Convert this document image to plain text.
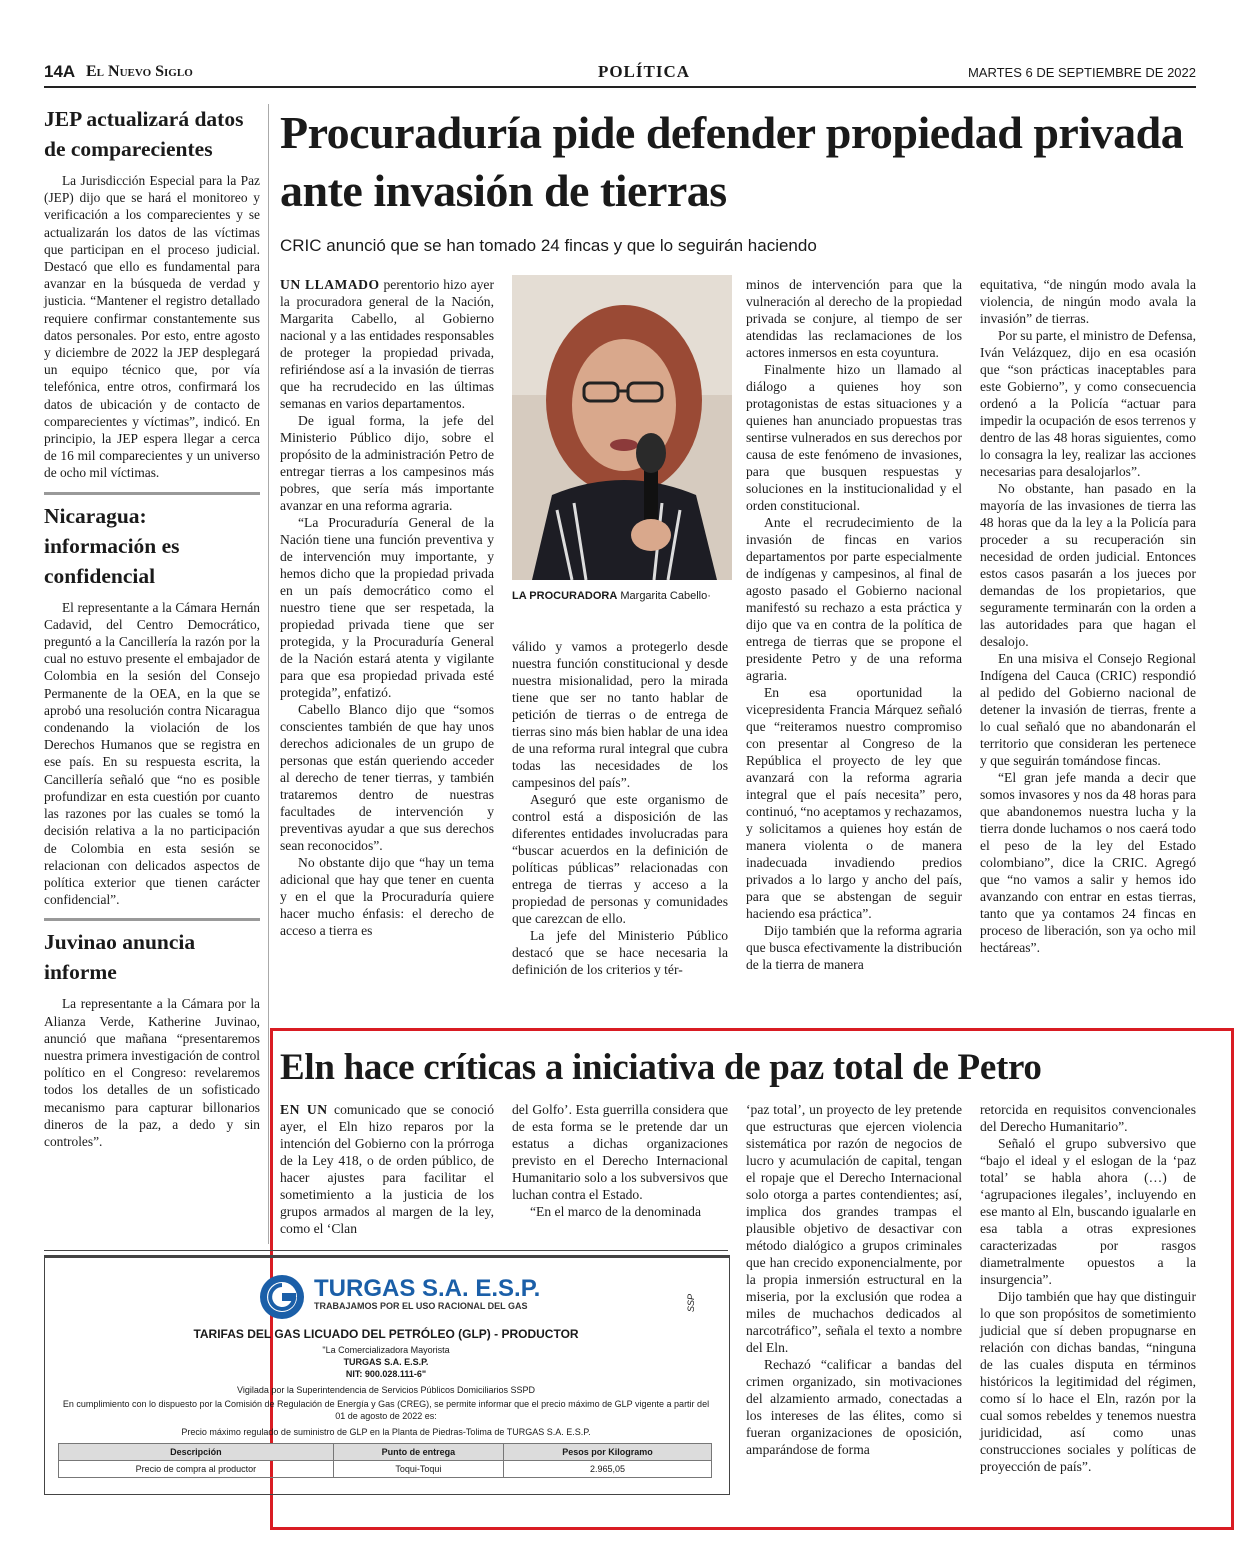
14A El Nuevo Siglo	POLÍTICA	MARTES 6 DE SEPTIEMBRE DE 2022
JEP actualizará datos de comparecientes

La Jurisdicción Especial para la Paz (JEP) dijo que se hará el monitoreo y verificación a los comparecientes y se actualizarán los datos de las víctimas que participan en el proceso judicial. Destacó que ello es fundamental para avanzar en la búsqueda de verdad y justicia. “Mantener el registro detallado requiere confirmar constantemente sus datos personales. Por esto, entre agosto y diciembre de 2022 la JEP desplegará un equipo técnico que, por vía telefónica, entre otros, confirmará los datos de ubicación y de contacto de comparecientes y víctimas”, indicó. En principio, la JEP espera llegar a cerca de 16 mil comparecientes y un universo de ocho mil víctimas.

Nicaragua: información es confidencial

El representante a la Cámara Hernán Cadavid, del Centro Democrático, preguntó a la Cancillería la razón por la cual no estuvo presente el embajador de Colombia en la sesión del Consejo Permanente de la OEA, en la que se aprobó una resolución contra Nicaragua condenando la violación de los Derechos Humanos que se registra en ese país. En su respuesta escrita, la Cancillería señaló que “no es posible profundizar en esta cuestión por cuanto las razones por las cuales se tomó la decisión relativa a la no participación de Colombia en esta sesión se relacionan con delicados aspectos de política exterior que tienen carácter confidencial”.

Juvinao anuncia informe

La representante a la Cámara por la Alianza Verde, Katherine Juvinao, anunció que mañana “presentaremos nuestra primera investigación de control político en el Congreso: revelaremos todos los detalles de un sofisticado mecanismo para capturar billonarios dineros de la paz, a dedo y sin controles”.

Procuraduría pide defender propiedad privada ante invasión de tierras
CRIC anunció que se han tomado 24 fincas y que lo seguirán haciendo

UN LLAMADO perentorio hizo ayer la procuradora general de la Nación, Margarita Cabello, al Gobierno nacional y a las entidades responsables de proteger la propiedad privada, refiriéndose así a la invasión de tierras que ha recrudecido en las últimas semanas en varios departamentos.

De igual forma, la jefe del Ministerio Público dijo, sobre el propósito de la administración Petro de entregar tierras a los campesinos más pobres, que sería más importante avanzar en una reforma agraria.

“La Procuraduría General de la Nación tiene una función preventiva y de intervención muy importante, y hemos dicho que la propiedad privada en un país democrático como el nuestro tiene que ser respetada, la propiedad privada tiene que ser protegida, y la Procuraduría General de la Nación estará atenta y vigilante para que esa propiedad privada esté protegida”, enfatizó.

Cabello Blanco dijo que “somos conscientes también de que hay unos derechos adicionales de un grupo de personas que están queriendo acceder al derecho de tener tierras, y también trataremos dentro de nuestras facultades de intervención y preventivas ayudar a que sus derechos sean reconocidos”.

No obstante dijo que “hay un tema adicional que hay que tener en cuenta y en el que la Procuraduría quiere hacer mucho énfasis: el derecho de acceso a tierra es

LA PROCURADORA Margarita Cabello·

válido y vamos a protegerlo desde nuestra función constitucional y desde nuestra misionalidad, pero la mirada tiene que ser no tanto hablar de petición de tierras o de entrega de tierras sino más bien hablar de una idea de una reforma rural integral que cubra todas las necesidades de los campesinos del país”.

Aseguró que este organismo de control está a disposición de las diferentes entidades involucradas para “buscar acuerdos en la definición de políticas públicas” relacionadas con entrega de tierras y acceso a la propiedad de personas y comunidades que carezcan de ello.

La jefe del Ministerio Público destacó que se hace necesaria la definición de los criterios y tér-

minos de intervención para que la vulneración al derecho de la propiedad privada se conjure, al tiempo de ser atendidas las reclamaciones de los actores inmersos en esta coyuntura.

Finalmente hizo un llamado al diálogo a quienes hoy son protagonistas de estas situaciones y a quienes han anunciado propuestas tras sentirse vulnerados en sus derechos por causa de este fenómeno de invasiones, para que busquen respuestas y soluciones en la institucionalidad y el orden constitucional.

Ante el recrudecimiento de la invasión de fincas en varios departamentos por parte especialmente de indígenas y campesinos, al final de agosto pasado el Gobierno nacional manifestó su rechazo a esta práctica y dijo que va en contra de la política de entrega de tierras que se propone el presidente Petro y de una reforma agraria.

En esa oportunidad la vicepresidenta Francia Márquez señaló que “reiteramos nuestro compromiso con presentar al Congreso de la República el proyecto de ley que avanzará con la reforma agraria integral que el país necesita” pero, continuó, “no aceptamos y rechazamos, y solicitamos a quienes hoy están de manera violenta o de manera inadecuada invadiendo predios privados a lo largo y ancho del país, para que se abstengan de seguir haciendo esa práctica”.

Dijo también que la reforma agraria que busca efectivamente la distribución de la tierra de manera

equitativa, “de ningún modo avala la violencia, de ningún modo avala la invasión” de tierras.

Por su parte, el ministro de Defensa, Iván Velázquez, dijo en esa ocasión que “son prácticas inaceptables para este Gobierno”, y como consecuencia ordenó a la Policía “actuar para impedir la ocupación de esos terrenos y dentro de las 48 horas siguientes, como lo consagra la ley, realizar las acciones necesarias para desalojarlos”.

No obstante, han pasado en la mayoría de las invasiones de tierra las 48 horas que da la ley a la Policía para proceder a su recuperación sin necesidad de orden judicial. Entonces estos casos pasarán a los jueces por demandas de los propietarios, que seguramente terminarán con la orden a las autoridades para que hagan el desalojo.

En una misiva el Consejo Regional Indígena del Cauca (CRIC) respondió al pedido del Gobierno nacional de detener la invasión de tierras, frente a lo cual señaló que no abandonarán el territorio que consideran les pertenece y que seguirán tomándose fincas.

“El gran jefe manda a decir que somos invasores y nos da 48 horas para que abandonemos nuestra lucha y la tierra donde luchamos o nos caerá todo el peso de la ley del Estado colombiano”, dice la CRIC. Agregó que “no vamos a salir y hemos ido avanzando con entrar en estas tierras, tanto que ya contamos 24 fincas en proceso de liberación, son ya ocho mil hectáreas”.

Eln hace críticas a iniciativa de paz total de Petro

EN UN comunicado que se conoció ayer, el Eln hizo reparos por la intención del Gobierno con la prórroga de la Ley 418, o de orden público, de hacer ajustes para facilitar el sometimiento a la justicia de los grupos armados al margen de la ley, como el ‘Clan

del Golfo’. Esta guerrilla considera que de esta forma se le pretende dar un estatus a dichas organizaciones previsto en el Derecho Internacional Humanitario solo a los subversivos que luchan contra el Estado.

“En el marco de la denominada

‘paz total’, un proyecto de ley pretende que estructuras que ejercen violencia sistemática por razón de negocios de lucro y acumulación de capital, tengan el ropaje que el Derecho Internacional solo otorga a partes contendientes; así, implica dos grandes trampas el plausible objetivo de desactivar con método dialógico a grupos criminales que han crecido exponencialmente, por la propia inmersión estructural en la miseria, por la exclusión que rodea a miles de muchachos dedicados al narcotráfico”, señala el texto a nombre del Eln.

Rechazó “calificar a bandas del crimen organizado, sin motivaciones del alzamiento armado, conectadas a los intereses de las élites, como si fueran organizaciones de oposición, amparándose de forma

retorcida en requisitos convencionales del Derecho Humanitario”.

Señaló el grupo subversivo que “bajo el ideal y el eslogan de la ‘paz total’ se habla ahora (…) de ‘agrupaciones ilegales’, incluyendo en ese manto al Eln, buscando igualarle en esa tabla a otras expresiones caracterizadas por rasgos diametralmente opuestos a la insurgencia”.

Dijo también que hay que distinguir lo que son propósitos de sometimiento judicial que sí deben propugnarse en relación con dichas bandas, “ninguna de las cuales disputa en términos históricos la legitimidad del régimen, como sí lo hace el Eln, razón por la cual somos rebeldes y tenemos nuestra juridicidad, así como unas construcciones sociales y políticas de proyección de país”.

TURGAS S.A. E.S.P.
TRABAJAMOS POR EL USO RACIONAL DEL GAS
TARIFAS DEL GAS LICUADO DEL PETRÓLEO (GLP) - PRODUCTOR
"La Comercializadora Mayorista
TURGAS S.A. E.S.P.
NIT: 900.028.111-6"
Vigilada por la Superintendencia de Servicios Públicos Domiciliarios SSPD
En cumplimiento con lo dispuesto por la Comisión de Regulación de Energía y Gas (CREG), se permite informar que el precio máximo de GLP vigente a partir del 01 de agosto de 2022 es:
Precio máximo regulado de suministro de GLP en la Planta de Piedras-Tolima de TURGAS S.A. E.S.P.
SSP
Descripción	Punto de entrega	Pesos por Kilogramo
Precio de compra al productor	Toqui-Toqui	2.965,05
